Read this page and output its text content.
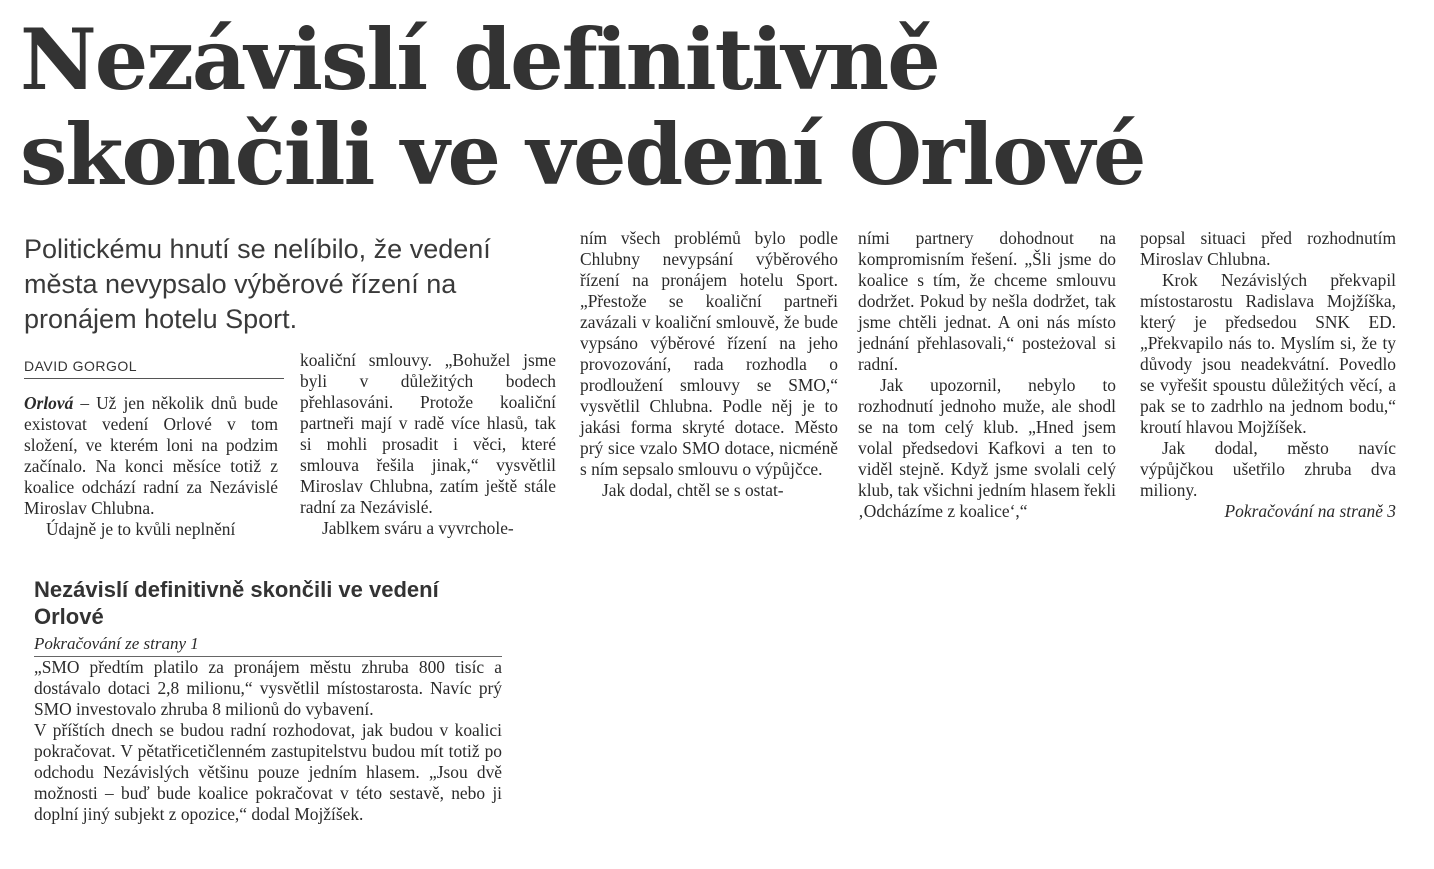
Nezávislí definitivně skončili ve vedení Orlové

Politickému hnutí se nelíbilo, že vedení města nevypsalo výběrové řízení na pronájem hotelu Sport.

DAVID GORGOL

Orlová – Už jen několik dnů bude existovat vedení Orlové v tom složení, ve kterém loni na podzim začínalo. Na konci měsíce totiž z koalice odchází radní za Nezávislé Miroslav Chlubna.

Údajně je to kvůli neplnění

koaliční smlouvy. „Bohužel jsme byli v důležitých bodech přehlasováni. Protože koaliční partneři mají v radě více hlasů, tak si mohli prosadit i věci, které smlouva řešila jinak,“ vysvětlil Miroslav Chlubna, zatím ještě stále radní za Nezávislé.

Jablkem sváru a vyvrchole-

ním všech problémů bylo podle Chlubny nevypsání výběrového řízení na pronájem hotelu Sport. „Přestože se koaliční partneři zavázali v koaliční smlouvě, že bude vypsáno výběrové řízení na jeho provozování, rada rozhodla o prodloužení smlouvy se SMO,“ vysvětlil Chlubna. Podle něj je to jakási forma skryté dotace. Město prý sice vzalo SMO dotace, nicméně s ním sepsalo smlouvu o výpůjčce.

Jak dodal, chtěl se s ostat-

ními partnery dohodnout na kompromisním řešení. „Šli jsme do koalice s tím, že chceme smlouvu dodržet. Pokud by nešla dodržet, tak jsme chtěli jednat. A oni nás místo jednání přehlasovali,“ posteżoval si radní.

Jak upozornil, nebylo to rozhodnutí jednoho muže, ale shodl se na tom celý klub. „Hned jsem volal předsedovi Kafkovi a ten to viděl stejně. Když jsme svolali celý klub, tak všichni jedním hlasem řekli ‚Odcházíme z koalice‘,“

popsal situaci před rozhodnutím Miroslav Chlubna.

Krok Nezávislých překvapil místostarostu Radislava Mojžíška, který je předsedou SNK ED. „Překvapilo nás to. Myslím si, že ty důvody jsou neadekvátní. Povedlo se vyřešit spoustu důležitých věcí, a pak se to zadrhlo na jednom bodu,“ kroutí hlavou Mojžíšek.

Jak dodal, město navíc výpůjčkou ušetřilo zhruba dva miliony.

Pokračování na straně 3

Nezávislí definitivně skončili ve vedení Orlové

Pokračování ze strany 1

„SMO předtím platilo za pronájem městu zhruba 800 tisíc a dostávalo dotaci 2,8 milionu,“ vysvětlil místostarosta. Navíc prý SMO investovalo zhruba 8 milionů do vybavení.

V příštích dnech se budou radní rozhodovat, jak budou v koalici pokračovat. V pětatřicetičlenném zastupitelstvu budou mít totiž po odchodu Nezávislých většinu pouze jedním hlasem. „Jsou dvě možnosti – buď bude koalice pokračovat v této sestavě, nebo ji doplní jiný subjekt z opozice,“ dodal Mojžíšek.
